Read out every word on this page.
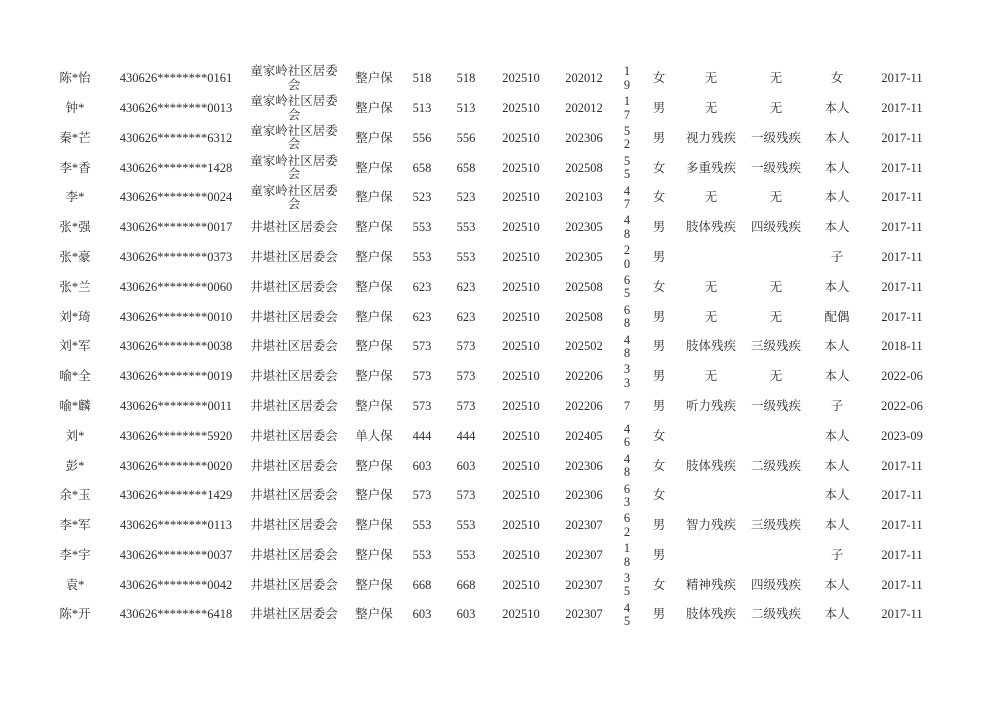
陈*怡	430626********0161	童家岭社区居委会	整户保	518	518	202510	202012	19	女	无	无	女	2017-11
钟*	430626********0013	童家岭社区居委会	整户保	513	513	202510	202012	17	男	无	无	本人	2017-11
秦*芒	430626********6312	童家岭社区居委会	整户保	556	556	202510	202306	52	男	视力残疾	一级残疾	本人	2017-11
李*香	430626********1428	童家岭社区居委会	整户保	658	658	202510	202508	55	女	多重残疾	一级残疾	本人	2017-11
李*	430626********0024	童家岭社区居委会	整户保	523	523	202510	202103	47	女	无	无	本人	2017-11
张*强	430626********0017	井堪社区居委会	整户保	553	553	202510	202305	48	男	肢体残疾	四级残疾	本人	2017-11
张*豪	430626********0373	井堪社区居委会	整户保	553	553	202510	202305	20	男			子	2017-11
张*兰	430626********0060	井堪社区居委会	整户保	623	623	202510	202508	65	女	无	无	本人	2017-11
刘*琦	430626********0010	井堪社区居委会	整户保	623	623	202510	202508	68	男	无	无	配偶	2017-11
刘*军	430626********0038	井堪社区居委会	整户保	573	573	202510	202502	48	男	肢体残疾	三级残疾	本人	2018-11
喻*全	430626********0019	井堪社区居委会	整户保	573	573	202510	202206	33	男	无	无	本人	2022-06
喻*麟	430626********0011	井堪社区居委会	整户保	573	573	202510	202206	7	男	听力残疾	一级残疾	子	2022-06
刘*	430626********5920	井堪社区居委会	单人保	444	444	202510	202405	46	女			本人	2023-09
彭*	430626********0020	井堪社区居委会	整户保	603	603	202510	202306	48	女	肢体残疾	二级残疾	本人	2017-11
余*玉	430626********1429	井堪社区居委会	整户保	573	573	202510	202306	63	女			本人	2017-11
李*军	430626********0113	井堪社区居委会	整户保	553	553	202510	202307	62	男	智力残疾	三级残疾	本人	2017-11
李*宇	430626********0037	井堪社区居委会	整户保	553	553	202510	202307	18	男			子	2017-11
袁*	430626********0042	井堪社区居委会	整户保	668	668	202510	202307	35	女	精神残疾	四级残疾	本人	2017-11
陈*开	430626********6418	井堪社区居委会	整户保	603	603	202510	202307	45	男	肢体残疾	二级残疾	本人	2017-11
